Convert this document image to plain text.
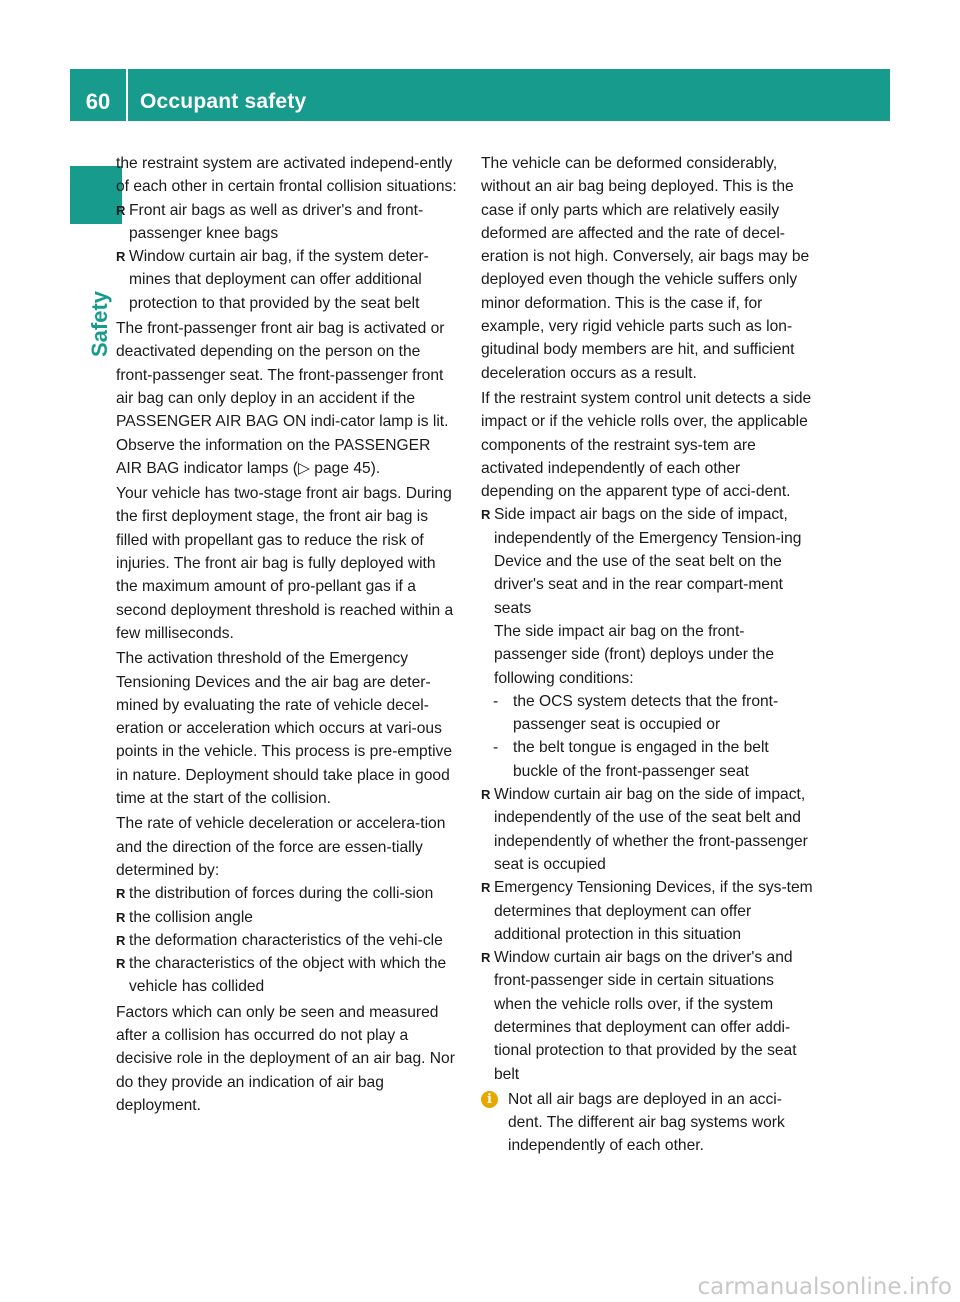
60	Occupant safety
Safety

the restraint system are activated independ-ently of each other in certain frontal collision situations:

R Front air bags as well as driver's and front-passenger knee bags

R Window curtain air bag, if the system deter-mines that deployment can offer additional protection to that provided by the seat belt

The front-passenger front air bag is activated or deactivated depending on the person on the front-passenger seat. The front-passenger front air bag can only deploy in an accident if the PASSENGER AIR BAG ON indi-cator lamp is lit. Observe the information on the PASSENGER AIR BAG indicator lamps (▷ page 45).

Your vehicle has two-stage front air bags. During the first deployment stage, the front air bag is filled with propellant gas to reduce the risk of injuries. The front air bag is fully deployed with the maximum amount of pro-pellant gas if a second deployment threshold is reached within a few milliseconds.

The activation threshold of the Emergency Tensioning Devices and the air bag are deter-mined by evaluating the rate of vehicle decel-eration or acceleration which occurs at vari-ous points in the vehicle. This process is pre-emptive in nature. Deployment should take place in good time at the start of the collision.

The rate of vehicle deceleration or accelera-tion and the direction of the force are essen-tially determined by:

R the distribution of forces during the colli-sion

R the collision angle

R the deformation characteristics of the vehi-cle

R the characteristics of the object with which the vehicle has collided

Factors which can only be seen and measured after a collision has occurred do not play a decisive role in the deployment of an air bag. Nor do they provide an indication of air bag deployment.

The vehicle can be deformed considerably, without an air bag being deployed. This is the case if only parts which are relatively easily deformed are affected and the rate of decel-eration is not high. Conversely, air bags may be deployed even though the vehicle suffers only minor deformation. This is the case if, for example, very rigid vehicle parts such as lon-gitudinal body members are hit, and sufficient deceleration occurs as a result.

If the restraint system control unit detects a side impact or if the vehicle rolls over, the applicable components of the restraint sys-tem are activated independently of each other depending on the apparent type of acci-dent.

R Side impact air bags on the side of impact, independently of the Emergency Tension-ing Device and the use of the seat belt on the driver's seat and in the rear compart-ment seats

The side impact air bag on the front-passenger side (front) deploys under the following conditions:

- the OCS system detects that the front-passenger seat is occupied or

- the belt tongue is engaged in the belt buckle of the front-passenger seat

R Window curtain air bag on the side of impact, independently of the use of the seat belt and independently of whether the front-passenger seat is occupied

R Emergency Tensioning Devices, if the sys-tem determines that deployment can offer additional protection in this situation

R Window curtain air bags on the driver's and front-passenger side in certain situations when the vehicle rolls over, if the system determines that deployment can offer addi-tional protection to that provided by the seat belt

i	Not all air bags are deployed in an acci-dent. The different air bag systems work independently of each other.
carmanualsonline.info
